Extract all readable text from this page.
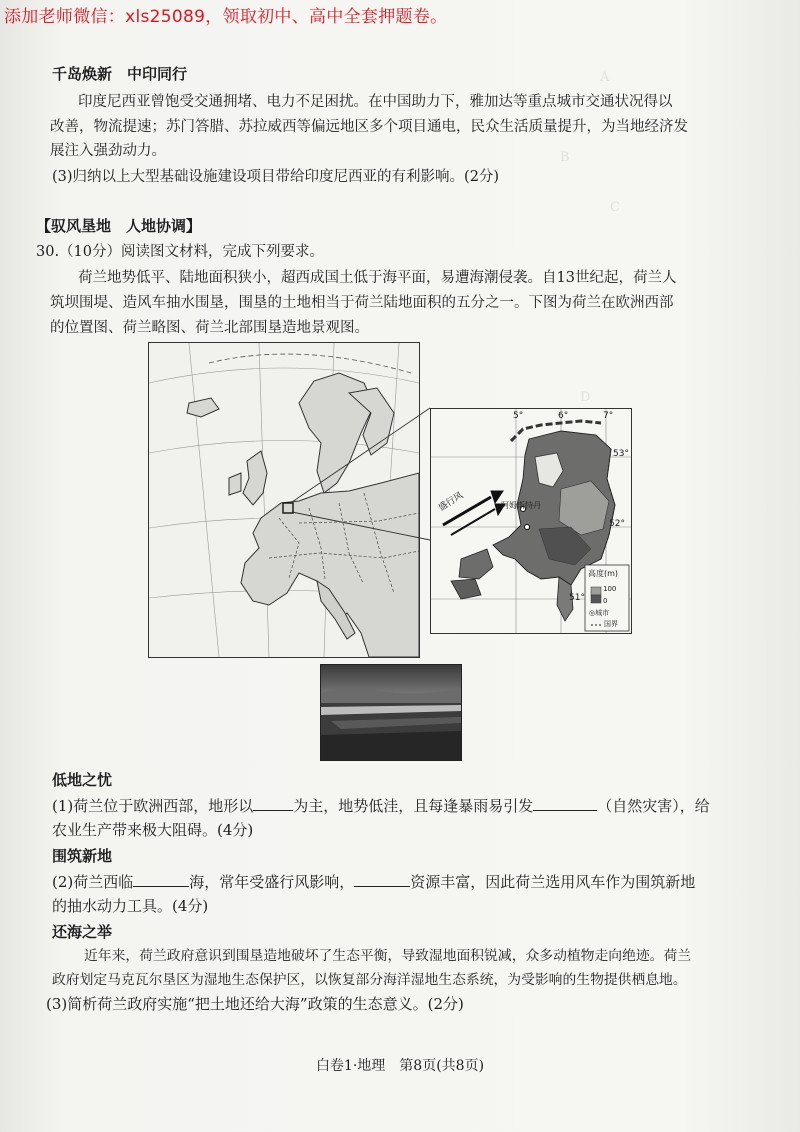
A
B
C
D
添加老师微信：xls25089，领取初中、高中全套押题卷。
千岛焕新　中印同行
印度尼西亚曾饱受交通拥堵、电力不足困扰。在中国助力下，雅加达等重点城市交通状况得以
改善，物流提速；苏门答腊、苏拉威西等偏远地区多个项目通电，民众生活质量提升，为当地经济发
展注入强劲动力。
(3)归纳以上大型基础设施建设项目带给印度尼西亚的有利影响。(2分)
【驭风垦地　人地协调】
30.（10分）阅读图文材料，完成下列要求。
荷兰地势低平、陆地面积狭小，超西成国土低于海平面，易遭海潮侵袭。自13世纪起，荷兰人
筑坝围堤、造风车抽水围垦，围垦的土地相当于荷兰陆地面积的五分之一。下图为荷兰在欧洲西部
的位置图、荷兰略图、荷兰北部围垦造地景观图。
5°	6°	7°
53°
52°
51°
盛行风	阿姆斯特丹
高度(m)
100
0
◎城市
国界
低地之忧
(1)荷兰位于欧洲西部，地形以	为主，地势低洼，且每逢暴雨易引发	（自然灾害），给
农业生产带来极大阻碍。(4分)
围筑新地
(2)荷兰西临	海，常年受盛行风影响，	资源丰富，因此荷兰选用风车作为围筑新地
的抽水动力工具。(4分)
还海之举
近年来，荷兰政府意识到围垦造地破坏了生态平衡，导致湿地面积锐减，众多动植物走向绝迹。荷兰
政府划定马克瓦尔垦区为湿地生态保护区，以恢复部分海洋湿地生态系统，为受影响的生物提供栖息地。
(3)简析荷兰政府实施“把土地还给大海”政策的生态意义。(2分)
白卷1·地理　第8页(共8页)
